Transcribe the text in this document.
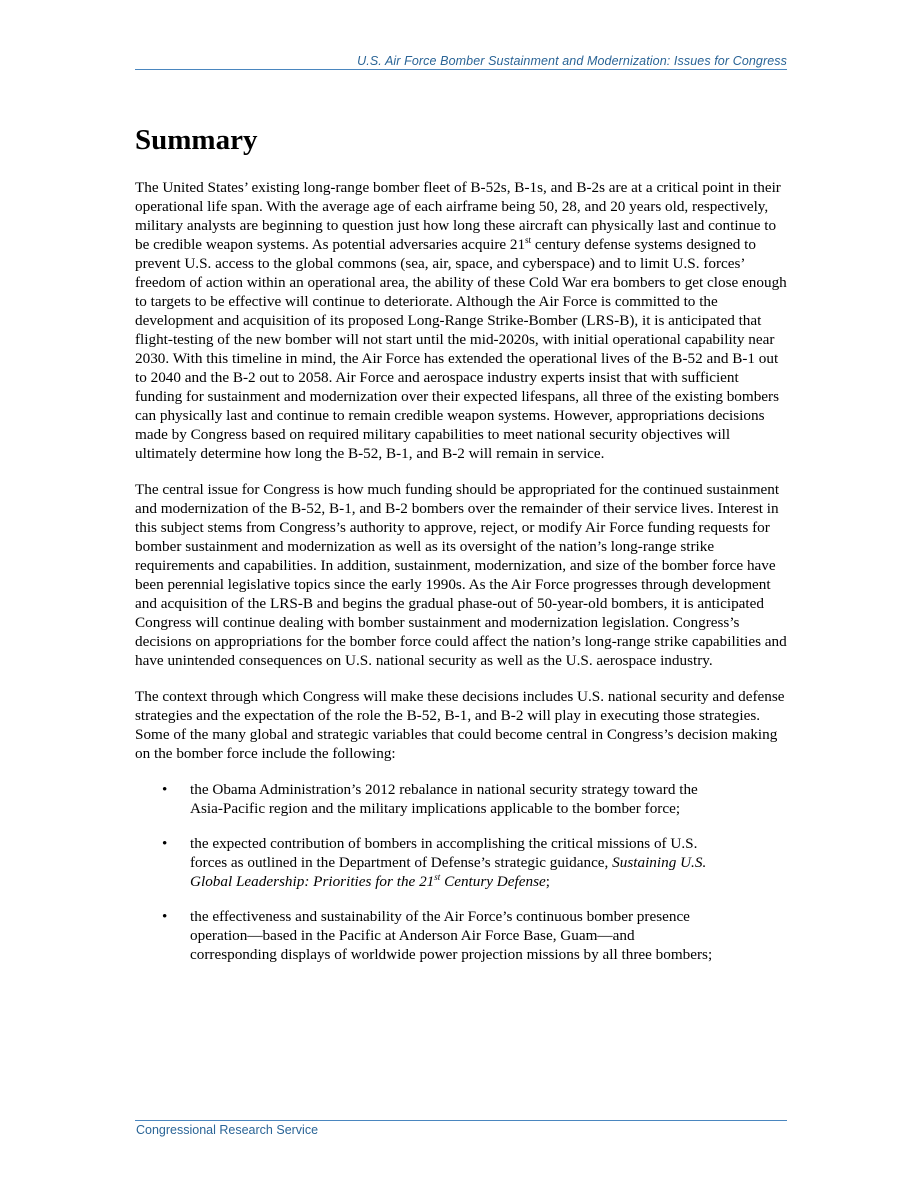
U.S. Air Force Bomber Sustainment and Modernization: Issues for Congress
Summary

The United States’ existing long-range bomber fleet of B-52s, B-1s, and B-2s are at a critical point in their operational life span. With the average age of each airframe being 50, 28, and 20 years old, respectively, military analysts are beginning to question just how long these aircraft can physically last and continue to be credible weapon systems. As potential adversaries acquire 21st century defense systems designed to prevent U.S. access to the global commons (sea, air, space, and cyberspace) and to limit U.S. forces’ freedom of action within an operational area, the ability of these Cold War era bombers to get close enough to targets to be effective will continue to deteriorate. Although the Air Force is committed to the development and acquisition of its proposed Long-Range Strike-Bomber (LRS-B), it is anticipated that flight-testing of the new bomber will not start until the mid-2020s, with initial operational capability near 2030. With this timeline in mind, the Air Force has extended the operational lives of the B-52 and B-1 out to 2040 and the B-2 out to 2058. Air Force and aerospace industry experts insist that with sufficient funding for sustainment and modernization over their expected lifespans, all three of the existing bombers can physically last and continue to remain credible weapon systems. However, appropriations decisions made by Congress based on required military capabilities to meet national security objectives will ultimately determine how long the B-52, B-1, and B-2 will remain in service.

The central issue for Congress is how much funding should be appropriated for the continued sustainment and modernization of the B-52, B-1, and B-2 bombers over the remainder of their service lives. Interest in this subject stems from Congress’s authority to approve, reject, or modify Air Force funding requests for bomber sustainment and modernization as well as its oversight of the nation’s long-range strike requirements and capabilities. In addition, sustainment, modernization, and size of the bomber force have been perennial legislative topics since the early 1990s. As the Air Force progresses through development and acquisition of the LRS-B and begins the gradual phase-out of 50-year-old bombers, it is anticipated Congress will continue dealing with bomber sustainment and modernization legislation. Congress’s decisions on appropriations for the bomber force could affect the nation’s long-range strike capabilities and have unintended consequences on U.S. national security as well as the U.S. aerospace industry.

The context through which Congress will make these decisions includes U.S. national security and defense strategies and the expectation of the role the B-52, B-1, and B-2 will play in executing those strategies. Some of the many global and strategic variables that could become central in Congress’s decision making on the bomber force include the following:

• the Obama Administration’s 2012 rebalance in national security strategy toward the Asia-Pacific region and the military implications applicable to the bomber force;
• the expected contribution of bombers in accomplishing the critical missions of U.S. forces as outlined in the Department of Defense’s strategic guidance, Sustaining U.S. Global Leadership: Priorities for the 21st Century Defense;
• the effectiveness and sustainability of the Air Force’s continuous bomber presence operation—based in the Pacific at Anderson Air Force Base, Guam—and corresponding displays of worldwide power projection missions by all three bombers;
Congressional Research Service
